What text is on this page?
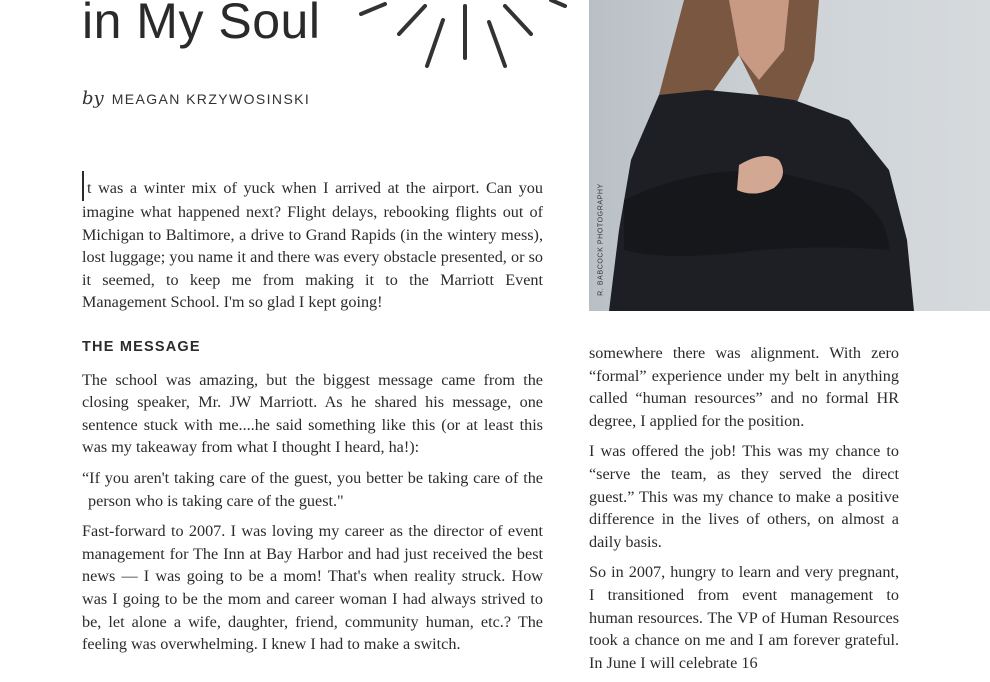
in My Soul
by MEAGAN KRZYWOSINSKI
R. BABCOCK PHOTOGRAPHY

t was a winter mix of yuck when I arrived at the airport. Can you imagine what happened next? Flight delays, rebooking flights out of Michigan to Baltimore, a drive to Grand Rapids (in the wintery mess), lost luggage; you name it and there was every obstacle presented, or so it seemed, to keep me from making it to the Marriott Event Management School. I'm so glad I kept going!

THE MESSAGE

The school was amazing, but the biggest message came from the closing speaker, Mr. JW Marriott. As he shared his message, one sentence stuck with me....he said something like this (or at least this was my takeaway from what I thought I heard, ha!):

“If you aren't taking care of the guest, you better be taking care of the person who is taking care of the guest."

Fast-forward to 2007. I was loving my career as the director of event management for The Inn at Bay Harbor and had just received the best news — I was going to be a mom! That's when reality struck. How was I going to be the mom and career woman I had always strived to be, let alone a wife, daughter, friend, community human, etc.? The feeling was overwhelming. I knew I had to make a switch.

somewhere there was alignment. With zero “formal” experience under my belt in anything called “human resources” and no formal HR degree, I applied for the position.

I was offered the job! This was my chance to “serve the team, as they served the direct guest.” This was my chance to make a positive difference in the lives of others, on almost a daily basis.

So in 2007, hungry to learn and very pregnant, I transitioned from event management to human resources. The VP of Human Resources took a chance on me and I am forever grateful. In June I will celebrate 16
